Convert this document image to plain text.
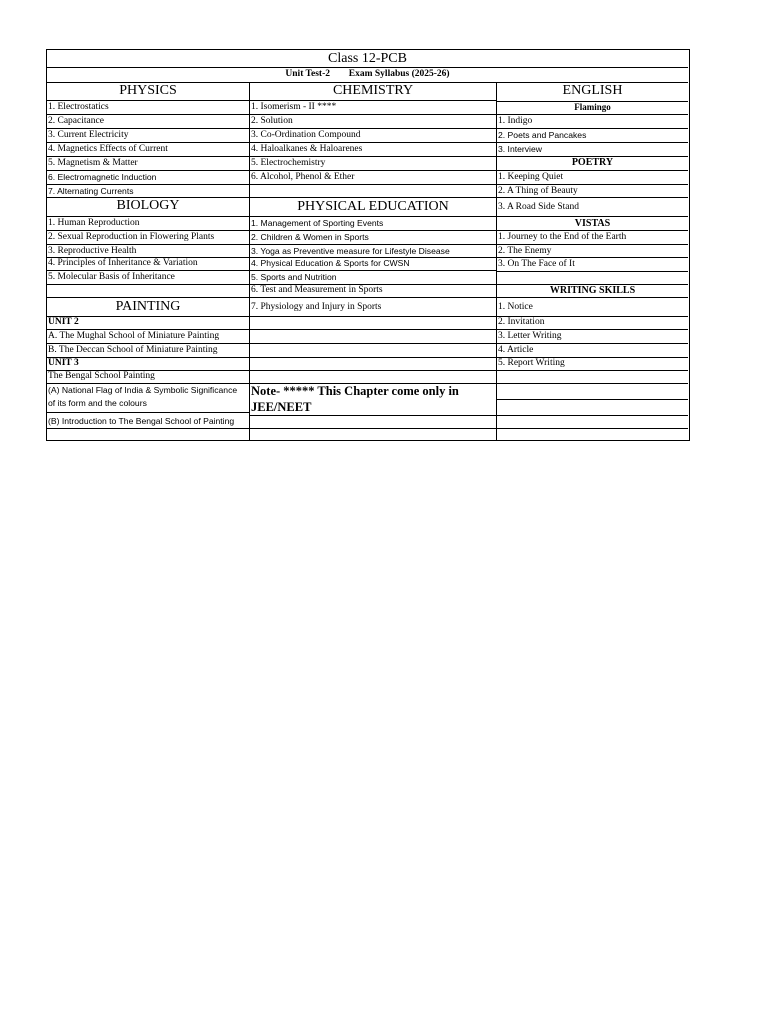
Class 12-PCB
Unit Test-2 Exam Syllabus (2025-26)
PHYSICS
1. Electrostatics
2. Capacitance
3. Current Electricity
4. Magnetics Effects of Current
5. Magnetism & Matter
6. Electromagnetic Induction
7. Alternating Currents
BIOLOGY
1. Human Reproduction
2. Sexual Reproduction in Flowering Plants
3. Reproductive Health
4. Principles of Inheritance & Variation
5. Molecular Basis of Inheritance
PAINTING
UNIT 2
A. The Mughal School of Miniature Painting
B. The Deccan School of Miniature Painting
UNIT 3
The Bengal School Painting
(A) National Flag of India & Symbolic Significance of its form and the colours
(B) Introduction to The Bengal School of Painting
CHEMISTRY
1. Isomerism - II ****
2. Solution
3. Co-Ordination Compound
4. Haloalkanes & Haloarenes
5. Electrochemistry
6. Alcohol, Phenol & Ether
PHYSICAL EDUCATION
1. Management of Sporting Events
2. Children & Women in Sports
3. Yoga as Preventive measure for Lifestyle Disease
4. Physical Education & Sports for CWSN
5. Sports and Nutrition
6. Test and Measurement in Sports
7. Physiology and Injury in Sports
Note- ***** This Chapter come only in JEE/NEET
ENGLISH
Flamingo
1. Indigo
2. Poets and Pancakes
3. Interview
POETRY
1. Keeping Quiet
2. A Thing of Beauty
3. A Road Side Stand
VISTAS
1. Journey to the End of the Earth
2. The Enemy
3. On The Face of It
WRITING SKILLS
1. Notice
2. Invitation
3. Letter Writing
4. Article
5. Report Writing
